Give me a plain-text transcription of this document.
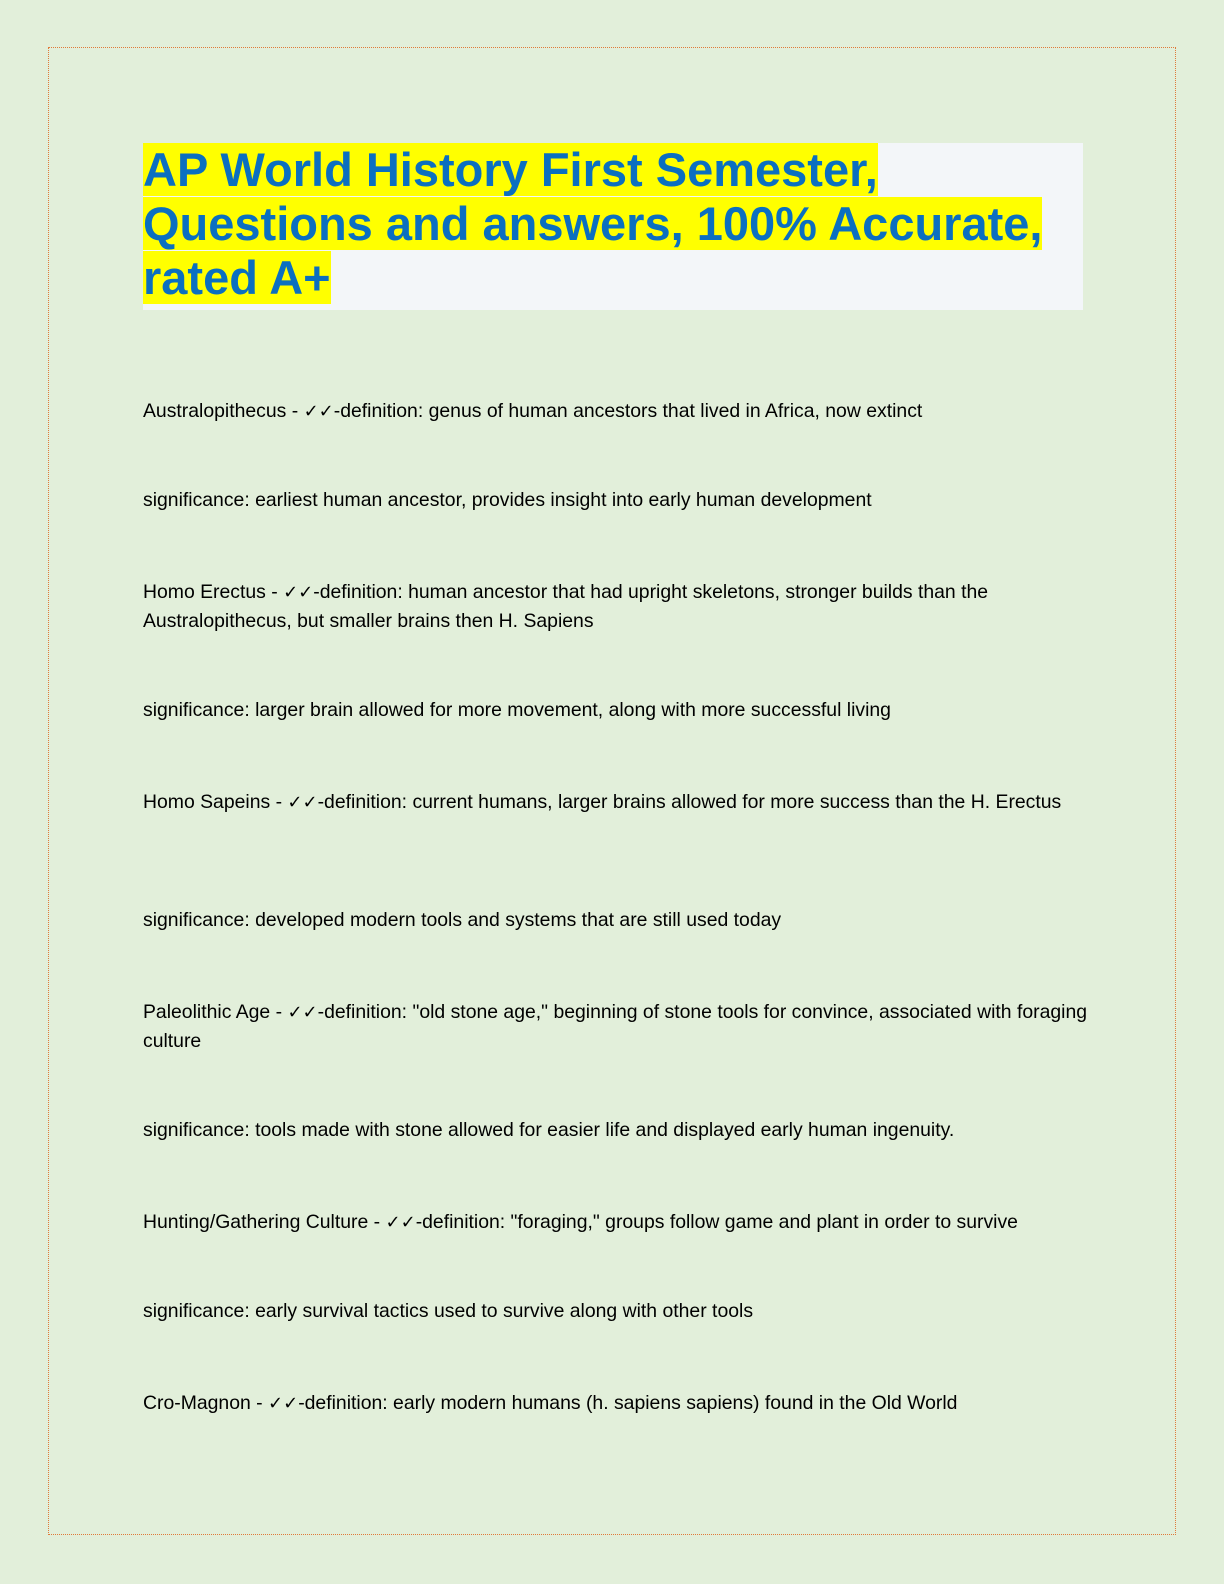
AP World History First Semester, Questions and answers, 100% Accurate, rated A+

Australopithecus - ✓✓-definition: genus of human ancestors that lived in Africa, now extinct

significance: earliest human ancestor, provides insight into early human development

Homo Erectus - ✓✓-definition: human ancestor that had upright skeletons, stronger builds than the Australopithecus, but smaller brains then H. Sapiens

significance: larger brain allowed for more movement, along with more successful living

Homo Sapeins - ✓✓-definition: current humans, larger brains allowed for more success than the H. Erectus

significance: developed modern tools and systems that are still used today

Paleolithic Age - ✓✓-definition: "old stone age," beginning of stone tools for convince, associated with foraging culture

significance: tools made with stone allowed for easier life and displayed early human ingenuity.

Hunting/Gathering Culture - ✓✓-definition: "foraging," groups follow game and plant in order to survive

significance: early survival tactics used to survive along with other tools

Cro-Magnon - ✓✓-definition: early modern humans (h. sapiens sapiens) found in the Old World
